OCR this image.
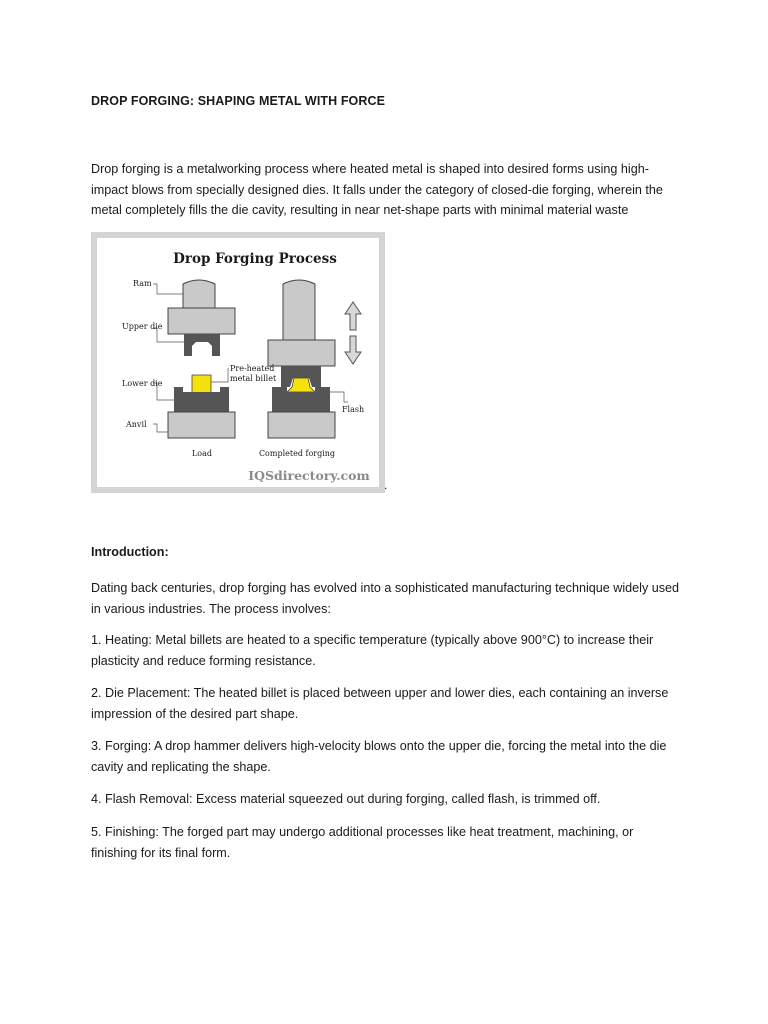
DROP FORGING: SHAPING METAL WITH FORCE

Drop forging is a metalworking process where heated metal is shaped into desired forms using high-impact blows from specially designed dies. It falls under the category of closed-die forging, wherein the metal completely fills the die cavity, resulting in near net-shape parts with minimal material waste

Drop Forging Process
Ram
Upper die
Lower die
Anvil
Pre-heated
metal billet
Flash
Load	Completed forging
IQSdirectory.com
.

Introduction:

Dating back centuries, drop forging has evolved into a sophisticated manufacturing technique widely used in various industries. The process involves:

1. Heating: Metal billets are heated to a specific temperature (typically above 900°C) to increase their plasticity and reduce forming resistance.

2. Die Placement: The heated billet is placed between upper and lower dies, each containing an inverse impression of the desired part shape.

3. Forging: A drop hammer delivers high-velocity blows onto the upper die, forcing the metal into the die cavity and replicating the shape.

4. Flash Removal: Excess material squeezed out during forging, called flash, is trimmed off.

5. Finishing: The forged part may undergo additional processes like heat treatment, machining, or finishing for its final form.
